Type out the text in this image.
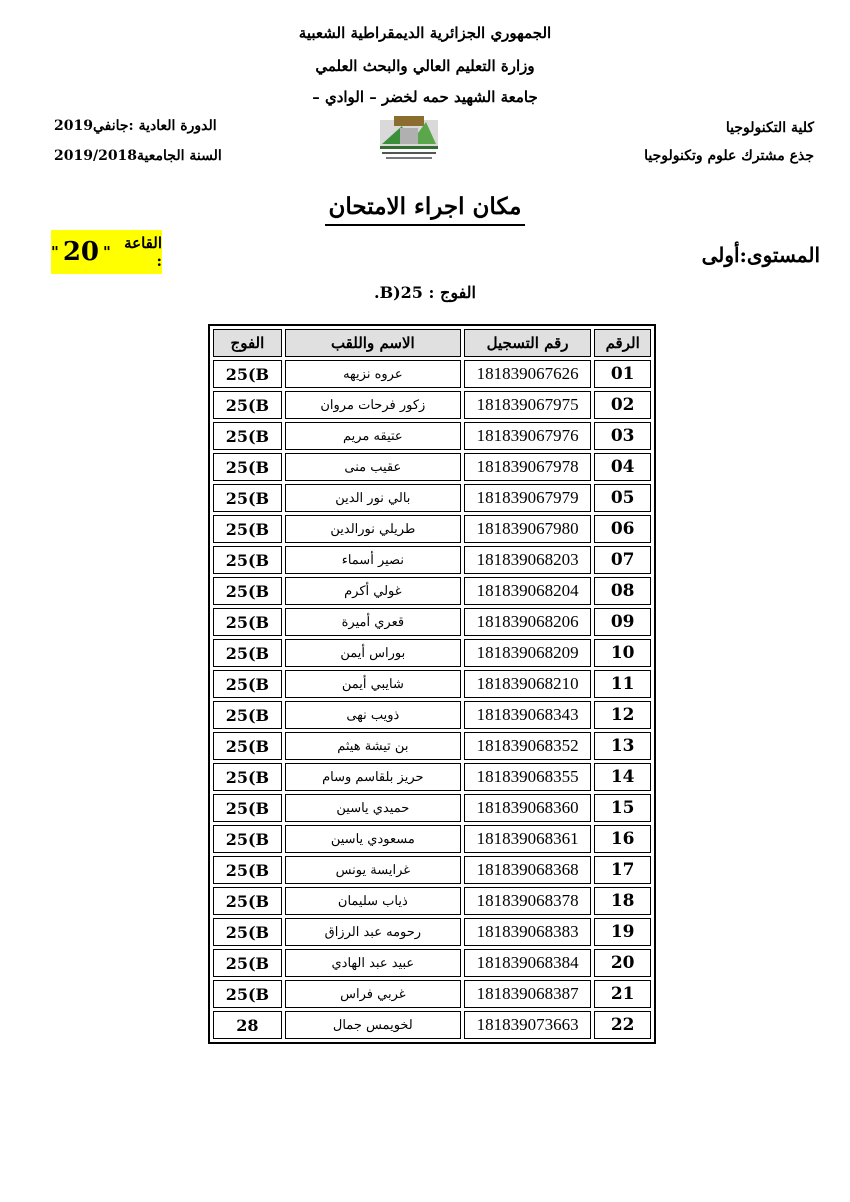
الجمهوري الجزائرية الديمقراطية الشعبية
وزارة التعليم العالي والبحث العلمي
جامعة الشهيد حمه لخضر – الوادي –
كلية التكنولوجيا
جذع مشترك علوم وتكنولوجيا
الدورة العادية :جانفي2019
السنة الجامعية2019/2018
مكان اجراء الامتحان
المستوى:أولى
القاعة :
"
20
"
الفوج : 25(B.
الرقم	رقم التسجيل	الاسم واللقب	الفوج
01	181839067626	عروه نزيهه	25(B
02	181839067975	زكور فرحات مروان	25(B
03	181839067976	عتيقه مريم	25(B
04	181839067978	عقيب منى	25(B
05	181839067979	بالي نور الدين	25(B
06	181839067980	طريلي نورالدين	25(B
07	181839068203	نصير أسماء	25(B
08	181839068204	غولي أكرم	25(B
09	181839068206	قعري أميرة	25(B
10	181839068209	بوراس أيمن	25(B
11	181839068210	شايبي أيمن	25(B
12	181839068343	ذويب نهى	25(B
13	181839068352	بن تيشة هيثم	25(B
14	181839068355	حريز بلقاسم وسام	25(B
15	181839068360	حميدي ياسين	25(B
16	181839068361	مسعودي ياسين	25(B
17	181839068368	غرايسة يونس	25(B
18	181839068378	ذياب سليمان	25(B
19	181839068383	رحومه عبد الرزاق	25(B
20	181839068384	عبيد عبد الهادي	25(B
21	181839068387	غربي فراس	25(B
22	181839073663	لخويمس جمال	28
